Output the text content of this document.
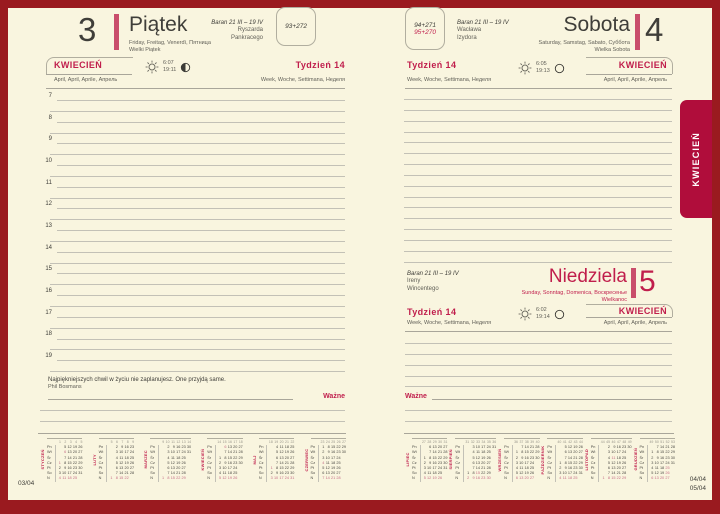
KWIECIEŃ
3 Piątek
Friday, Freitag, Venerdì, Пятница
Wielki Piątek
Baran 21 III – 19 IV
Ryszarda
Pankracego
93+272
KWIECIEŃ
April, April, Aprile, Апрель
6:07
19:11	Tydzień 14
Week, Woche, Settimana, Неделя
Najpiękniejszych chwil w życiu nie zaplanujesz. One przyjdą same.
Phil Bosmans
Ważne
STYCZEŃ
1 2 3 4 5
Pn	5 12 19 26
Wt	6 13 20 27
Śr	7 14 21 28
Cz	1 8 15 22 29
Pt	2 9 16 23 30
So	3 10 17 24 31
N	4 11 18 25
LUTY
5 6 7 8 9
Pn	2 9 16 23
Wt	3 10 17 24
Śr	4 11 18 25
Cz	5 12 19 26
Pt	6 13 20 27
So	7 14 21 28
N	1 8 15 22
MARZEC
9 10 11 12 13 14
Pn	2 9 16 23 30
Wt	3 10 17 24 31
Śr	4 11 18 25
Cz	5 12 19 26
Pt	6 13 20 27
So	7 14 21 28
N	1 8 15 22 29
KWIECIEŃ
14 15 16 17 18
Pn	6 13 20 27
Wt	7 14 21 28
Śr	1 8 15 22 29
Cz	2 9 16 23 30
Pt	3 10 17 24
So	4 11 18 25
N	5 12 19 26
MAJ
18 19 20 21 22
Pn	4 11 18 25
Wt	5 12 19 26
Śr	6 13 20 27
Cz	7 14 21 28
Pt	1 8 15 22 29
So	2 9 16 23 30
N	3 10 17 24 31
CZERWIEC
23 24 25 26 27
Pn	1 8 15 22 29
Wt	2 9 16 23 30
Śr	3 10 17 24
Cz	4 11 18 25
Pt	5 12 19 26
So	6 13 20 27
N	7 14 21 28
03/04
94+271
95+270
Baran 21 III – 19 IV
Wacława
Izydora
Sobota
Saturday, Samstag, Sabato, Суббота
Wielka Sobota
4
Tydzień 14
Week, Woche, Settimana, Неделя
6:05
19:13
KWIECIEŃ
April, April, Aprile, Апрель
Baran 21 III – 19 IV
Ireny
Wincentego
Niedziela
Sunday, Sonntag, Domenica, Воскресенье
Wielkanoc
5
Tydzień 14
Week, Woche, Settimana, Неделя
6:02
19:14
KWIECIEŃ
April, April, Aprile, Апрель
Ważne
LIPIEC
27 28 29 30 31
Pn	6 13 20 27
Wt	7 14 21 28
Śr	1 8 15 22 29
Cz	2 9 16 23 30
Pt	3 10 17 24 31
So	4 11 18 25
N	5 12 19 26
SIERPIEŃ
31 32 33 34 35 36
Pn	3 10 17 24 31
Wt	4 11 18 25
Śr	5 12 19 26
Cz	6 13 20 27
Pt	7 14 21 28
So	1 8 15 22 29
N	2 9 16 23 30
WRZESIEŃ
36 37 38 39 40
Pn	7 14 21 28
Wt	1 8 15 22 29
Śr	2 9 16 23 30
Cz	3 10 17 24
Pt	4 11 18 25
So	5 12 19 26
N	6 13 20 27
PAŹDZIERNIK
40 41 42 43 44
Pn	5 12 19 26
Wt	6 13 20 27
Śr	7 14 21 28
Cz	1 8 15 22 29
Pt	2 9 16 23 30
So	3 10 17 24 31
N	4 11 18 25
LISTOPAD
44 45 46 47 48 49
Pn	2 9 16 23 30
Wt	3 10 17 24
Śr	4 11 18 25
Cz	5 12 19 26
Pt	6 13 20 27
So	7 14 21 28
N	1 8 15 22 29
GRUDZIEŃ
49 50 51 52 53
Pn	7 14 21 28
Wt	1 8 15 22 29
Śr	2 9 16 23 30
Cz	3 10 17 24 31
Pt	4 11 18 25
So	5 12 19 26
N	6 13 20 27	04/04
05/04
7
8
9
10
11
12
13
14
15
16
17
18
19
